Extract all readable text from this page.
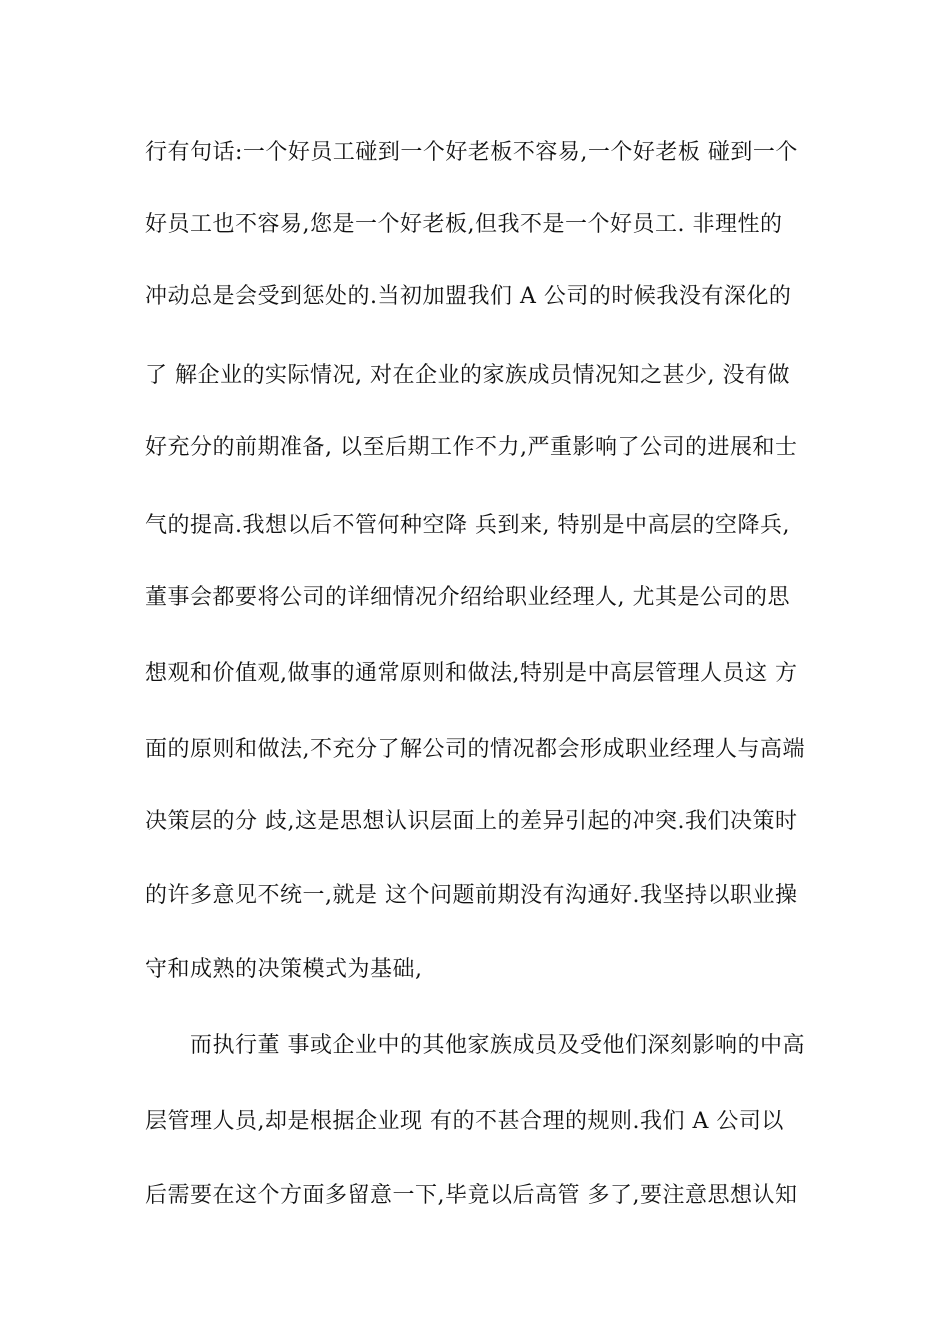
行有句话:一个好员工碰到一个好老板不容易,一个好老板 碰到一个
好员工也不容易,您是一个好老板,但我不是一个好员工. 非理性的
冲动总是会受到惩处的.当初加盟我们 A 公司的时候我没有深化的
了 解企业的实际情况, 对在企业的家族成员情况知之甚少, 没有做
好充分的前期准备, 以至后期工作不力,严重影响了公司的进展和士
气的提高.我想以后不管何种空降 兵到来, 特别是中高层的空降兵,
董事会都要将公司的详细情况介绍给职业经理人, 尤其是公司的思
想观和价值观,做事的通常原则和做法,特别是中高层管理人员这 方
面的原则和做法,不充分了解公司的情况都会形成职业经理人与高端
决策层的分 歧,这是思想认识层面上的差异引起的冲突.我们决策时
的许多意见不统一,就是 这个问题前期没有沟通好.我坚持以职业操
守和成熟的决策模式为基础,
而执行董 事或企业中的其他家族成员及受他们深刻影响的中高
层管理人员,却是根据企业现 有的不甚合理的规则.我们 A 公司以
后需要在这个方面多留意一下,毕竟以后高管 多了,要注意思想认知
